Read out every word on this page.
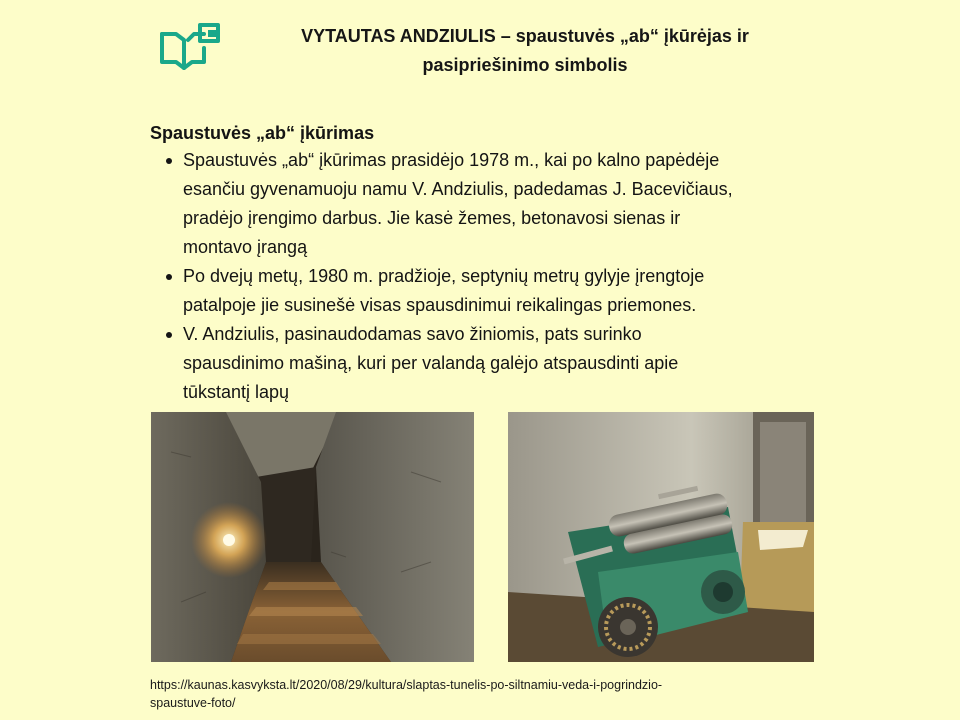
VYTAUTAS ANDZIULIS – spaustuvės „ab“ įkūrėjas ir
pasipriešinimo simbolis
Spaustuvės „ab“ įkūrimas
Spaustuvės „ab“ įkūrimas prasidėjo 1978 m., kai po kalno papėdėje
esančiu gyvenamuoju namu V. Andziulis, padedamas J. Bacevičiaus,
pradėjo įrengimo darbus. Jie kasė žemes, betonavosi sienas ir
montavo įrangą
Po dvejų metų, 1980 m. pradžioje, septynių metrų gylyje įrengtoje
patalpoje jie susinešė visas spausdinimui reikalingas priemones.
V. Andziulis, pasinaudodamas savo žiniomis, pats surinko
spausdinimo mašiną, kuri per valandą galėjo atspausdinti apie
tūkstantį lapų
https://kaunas.kasvyksta.lt/2020/08/29/kultura/slaptas-tunelis-po-siltnamiu-veda-i-pogrindzio-
spaustuve-foto/
